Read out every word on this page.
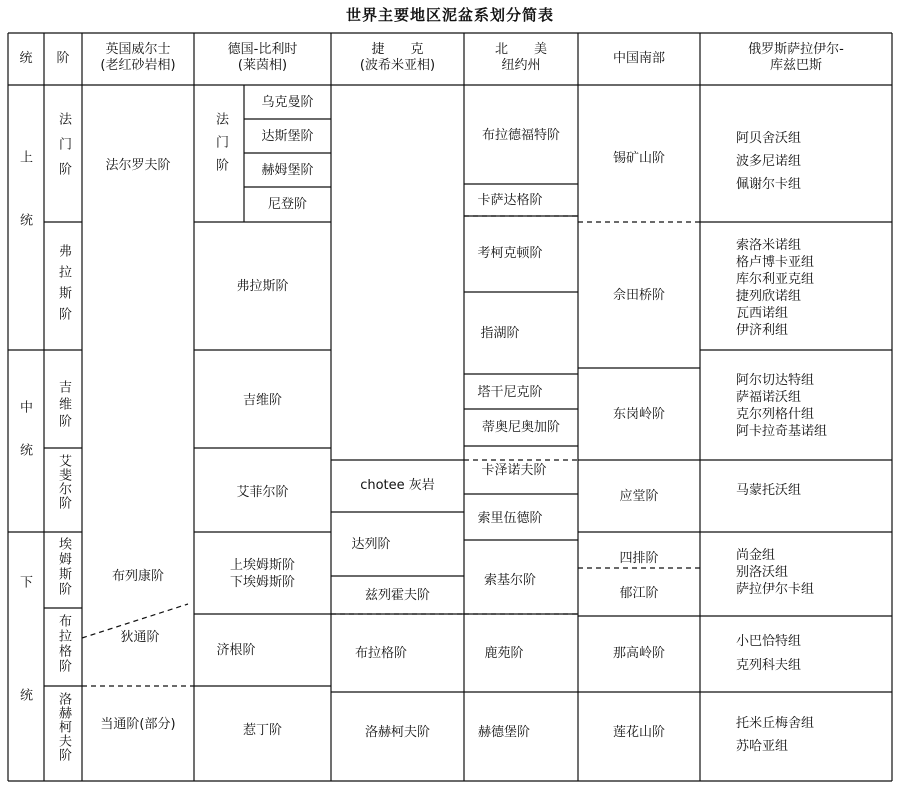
世界主要地区泥盆系划分简表
统	阶
英国威尔士
(老红砂岩相)
德国-比利时
(莱茵相)
捷　　克
(波希米亚相)
北　　美
纽约州	中国南部
俄罗斯萨拉伊尔-
库兹巴斯
上统
中统
下统
法门阶
弗拉斯阶
吉维阶
艾斐尔阶
埃姆斯阶
布拉格阶
洛赫柯夫阶
法尔罗夫阶
布列康阶
狄通阶
当通阶(部分)
法门阶
乌克曼阶
达斯堡阶
赫姆堡阶
尼登阶
弗拉斯阶
吉维阶
艾菲尔阶
上埃姆斯阶
下埃姆斯阶
济根阶
惹丁阶
chotee 灰岩
达列阶
兹列霍夫阶
布拉格阶
洛赫柯夫阶
布拉德福特阶
卡萨达格阶
考柯克顿阶
指湖阶
塔干尼克阶
蒂奥尼奥加阶
卡泽诺夫阶
索里伍德阶
索基尔阶
鹿苑阶
赫德堡阶
锡矿山阶
佘田桥阶
东岗岭阶
应堂阶
四排阶
郁江阶
那高岭阶
莲花山阶
阿贝舍沃组
波多尼诺组
佩谢尔卡组
索洛米诺组
格卢博卡亚组
库尔利亚克组
捷列欣诺组
瓦西诺组
伊济利组
阿尔切达特组
萨福诺沃组
克尔列格什组
阿卡拉奇基诺组
马蒙托沃组
尚金组
别洛沃组
萨拉伊尔卡组
小巴恰特组
克列科夫组
托米丘梅舍组
苏哈亚组
